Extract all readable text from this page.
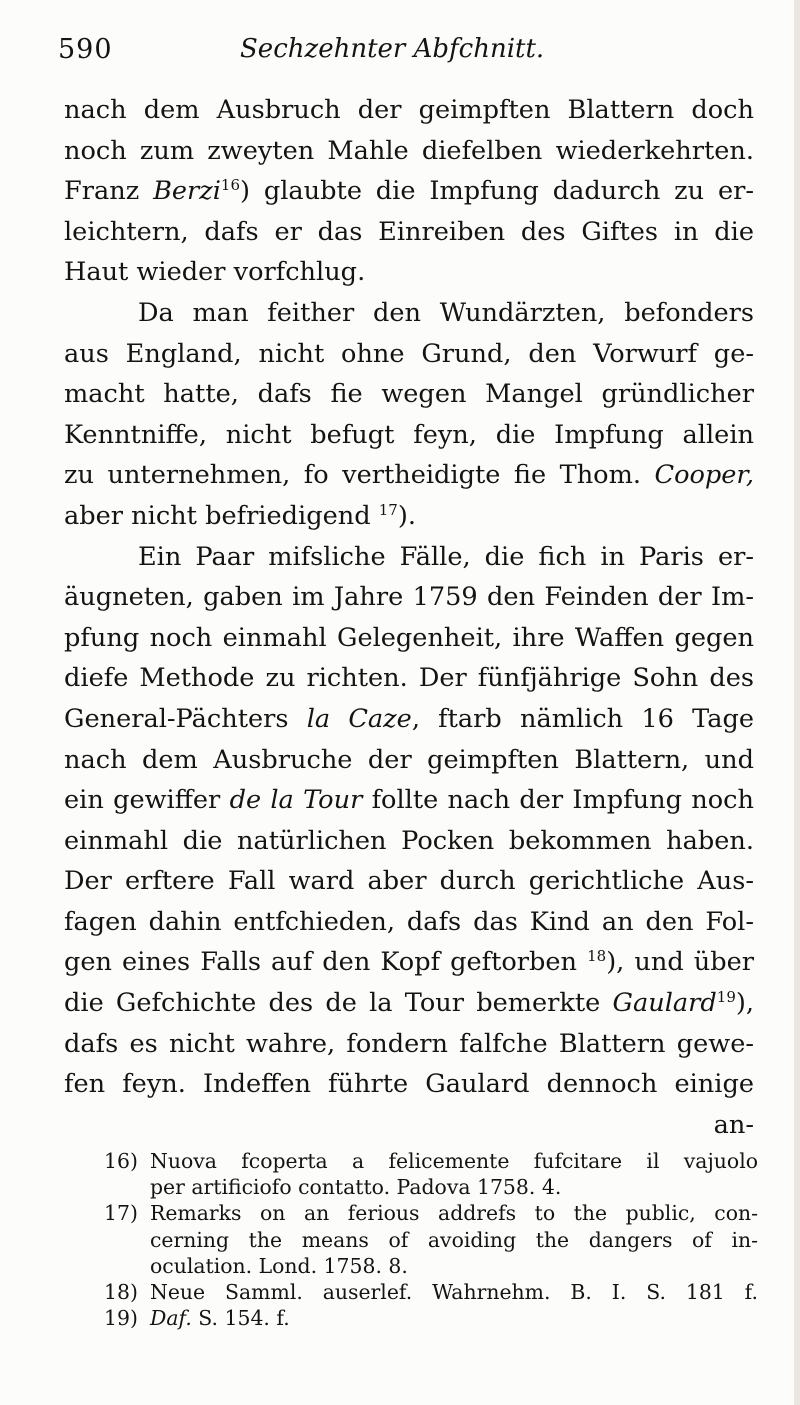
590	Sechzehnter Abfchnitt.
nach dem Ausbruch der geimpften Blattern doch
noch zum zweyten Mahle diefelben wiederkehrten.
Franz Berzi$^{16}$) glaubte die Impfung dadurch zu er-
leichtern, dafs er das Einreiben des Giftes in die
Haut wieder vorfchlug.
Da man feither den Wundärzten, befonders
aus England, nicht ohne Grund, den Vorwurf ge-
macht hatte, dafs fie wegen Mangel gründlicher
Kenntniffe, nicht befugt feyn, die Impfung allein
zu unternehmen, fo vertheidigte fie Thom. Cooper,
aber nicht befriedigend $^{17}$).
Ein Paar mifsliche Fälle, die fich in Paris er-
äugneten, gaben im Jahre 1759 den Feinden der Im-
pfung noch einmahl Gelegenheit, ihre Waffen gegen
diefe Methode zu richten. Der fünfjährige Sohn des
General-Pächters la Caze, ftarb nämlich 16 Tage
nach dem Ausbruche der geimpften Blattern, und
ein gewiffer de la Tour follte nach der Impfung noch
einmahl die natürlichen Pocken bekommen haben.
Der erftere Fall ward aber durch gerichtliche Aus-
fagen dahin entfchieden, dafs das Kind an den Fol-
gen eines Falls auf den Kopf geftorben $^{18}$), und über
die Gefchichte des de la Tour bemerkte Gaulard$^{19}$),
dafs es nicht wahre, fondern falfche Blattern gewe-
fen feyn. Indeffen führte Gaulard dennoch einige
an-
16) Nuova fcoperta a felicemente fufcitare il vajuolo
per artificiofo contatto. Padova 1758. 4.
17) Remarks on an ferious addrefs to the public, con-
cerning the means of avoiding the dangers of in-
oculation. Lond. 1758. 8.
18) Neue Samml. auserlef. Wahrnehm. B. I. S. 181 f.
19) Daf. S. 154. f.
